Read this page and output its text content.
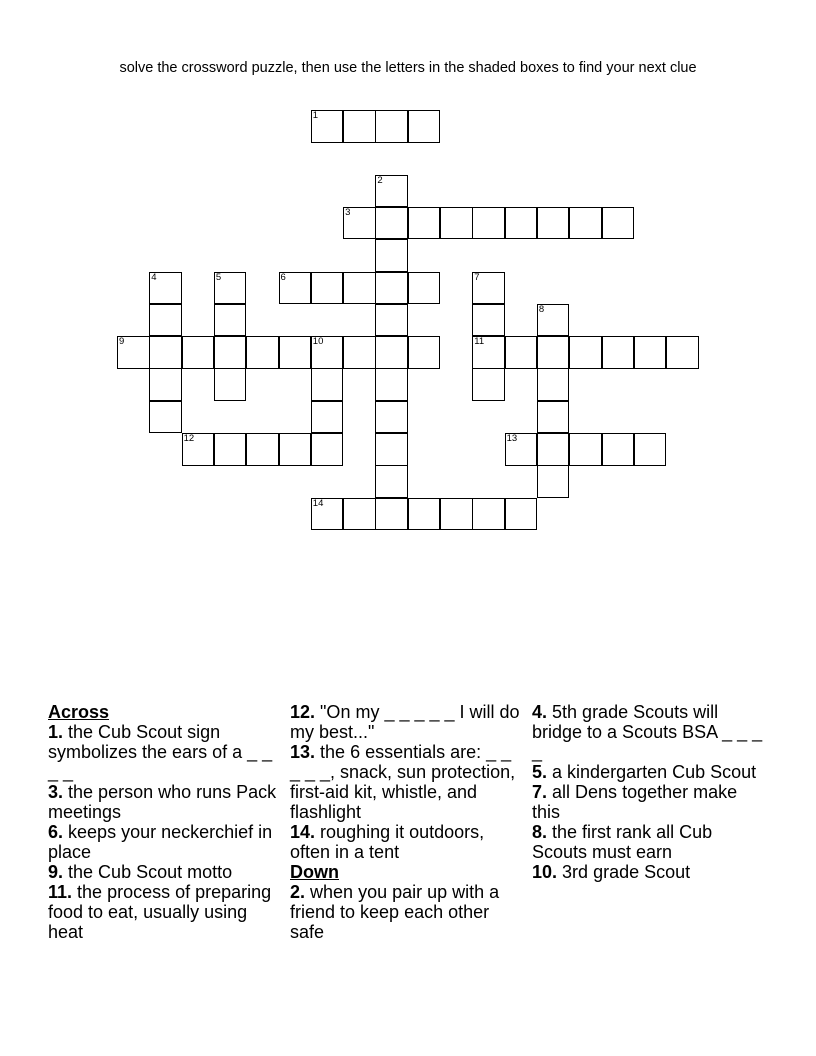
solve the crossword puzzle, then use the letters in the shaded boxes to find your next clue
1
2
3
4	5	6	7
11
8
9	10
12	13
14
Across
1. the Cub Scout sign symbolizes the ears of a _ _ _ _
3. the person who runs Pack meetings
6. keeps your neckerchief in place
9. the Cub Scout motto
11. the process of preparing food to eat, usually using heat
12. "On my _ _ _ _ _ I will do my best..."
13. the 6 essentials are: _ _ _ _ _, snack, sun protection, first-aid kit, whistle, and flashlight
14. roughing it outdoors, often in a tent
Down
2. when you pair up with a friend to keep each other safe
4. 5th grade Scouts will bridge to a Scouts BSA _ _ _ _
5. a kindergarten Cub Scout
7. all Dens together make this
8. the first rank all Cub Scouts must earn
10. 3rd grade Scout
